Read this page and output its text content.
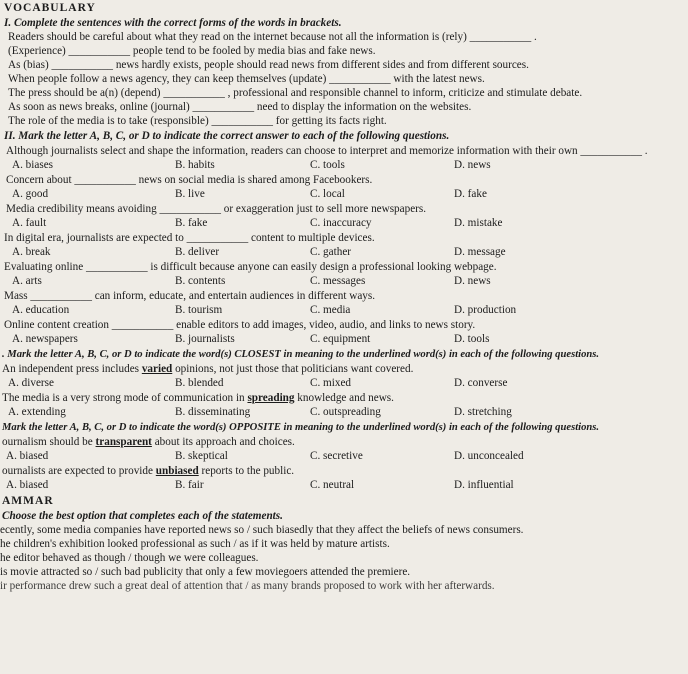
VOCABULARY
I. Complete the sentences with the correct forms of the words in brackets.
Readers should be careful about what they read on the internet because not all the information is (rely) ___________ .
(Experience) ___________ people tend to be fooled by media bias and fake news.
As (bias) ___________ news hardly exists, people should read news from different sides and from different sources.
When people follow a news agency, they can keep themselves (update) ___________ with the latest news.
The press should be a(n) (depend) ___________ , professional and responsible channel to inform, criticize and stimulate debate.
As soon as news breaks, online (journal) ___________ need to display the information on the websites.
The role of the media is to take (responsible) ___________ for getting its facts right.
II. Mark the letter A, B, C, or D to indicate the correct answer to each of the following questions.
Although journalists select and shape the information, readers can choose to interpret and memorize information with their own ___________ .
A. biases	B. habits	C. tools	D. news
Concern about ___________ news on social media is shared among Facebookers.
A. good	B. live	C. local	D. fake
Media credibility means avoiding ___________ or exaggeration just to sell more newspapers.
A. fault	B. fake	C. inaccuracy	D. mistake
In digital era, journalists are expected to ___________ content to multiple devices.
A. break	B. deliver	C. gather	D. message
Evaluating online ___________ is difficult because anyone can easily design a professional looking webpage.
A. arts	B. contents	C. messages	D. news
Mass ___________ can inform, educate, and entertain audiences in different ways.
A. education	B. tourism	C. media	D. production
Online content creation ___________ enable editors to add images, video, audio, and links to news story.
A. newspapers	B. journalists	C. equipment	D. tools
. Mark the letter A, B, C, or D to indicate the word(s) CLOSEST in meaning to the underlined word(s) in each of the following questions.
An independent press includes varied opinions, not just those that politicians want covered.
A. diverse	B. blended	C. mixed	D. converse
The media is a very strong mode of communication in spreading knowledge and news.
A. extending	B. disseminating	C. outspreading	D. stretching
Mark the letter A, B, C, or D to indicate the word(s) OPPOSITE in meaning to the underlined word(s) in each of the following questions.
ournalism should be transparent about its approach and choices.
A. biased	B. skeptical	C. secretive	D. unconcealed
ournalists are expected to provide unbiased reports to the public.
A. biased	B. fair	C. neutral	D. influential
AMMAR
Choose the best option that completes each of the statements.
ecently, some media companies have reported news so / such biasedly that they affect the beliefs of news consumers.
he children's exhibition looked professional as such / as if it was held by mature artists.
he editor behaved as though / though we were colleagues.
is movie attracted so / such bad publicity that only a few moviegoers attended the premiere.
ir performance drew such a great deal of attention that / as many brands proposed to work with her afterwards.
